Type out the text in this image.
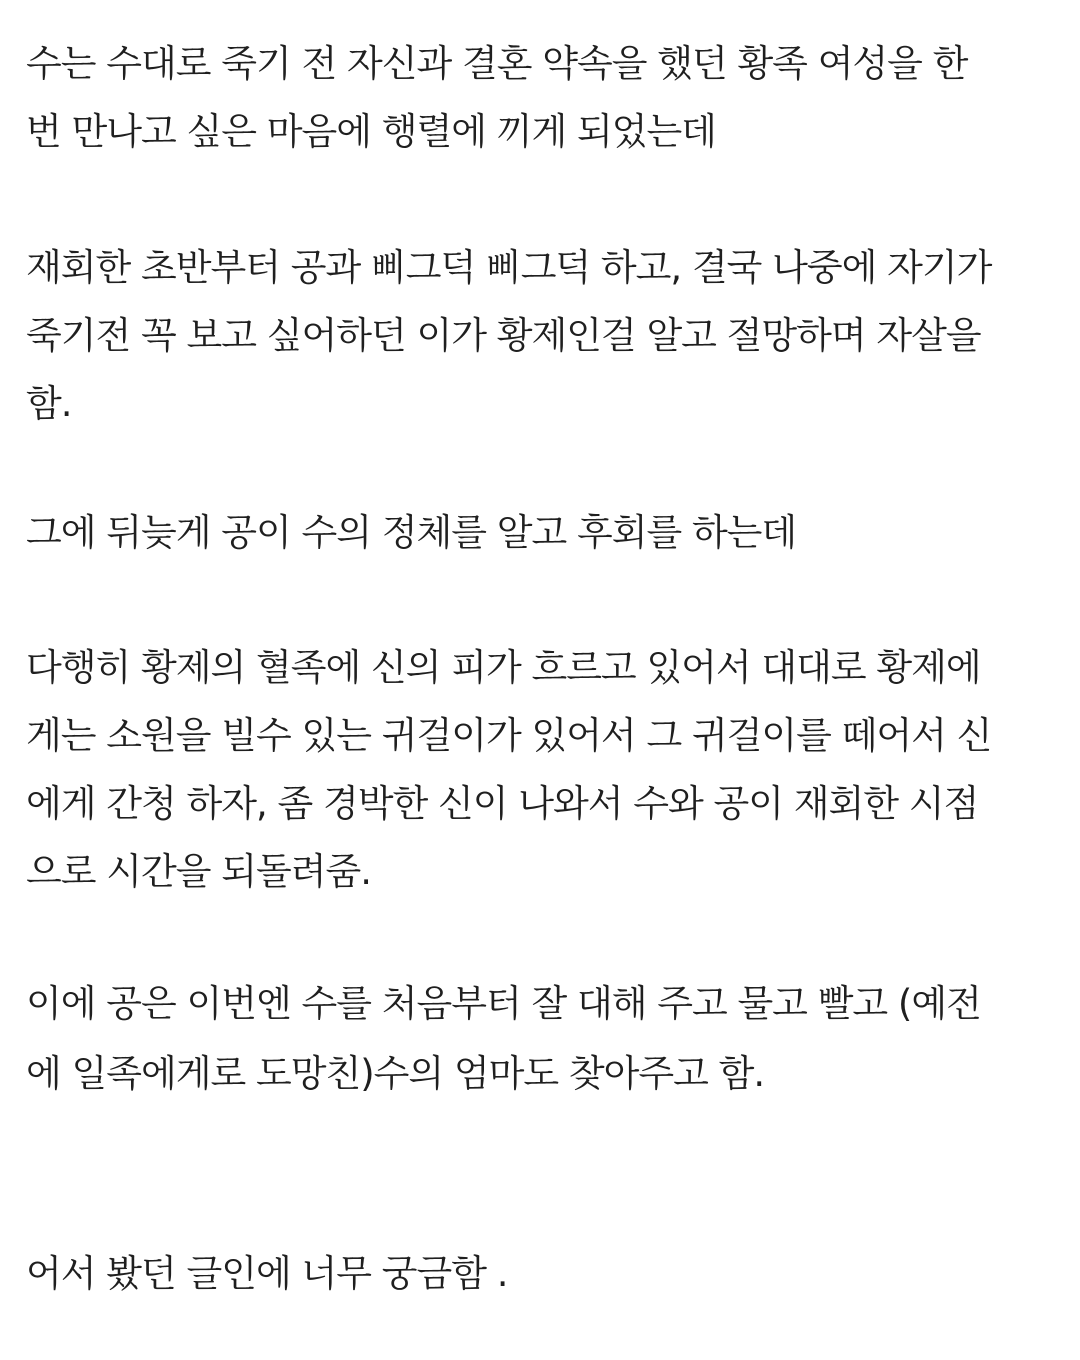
수는 수대로 죽기 전 자신과 결혼 약속을 했던 황족 여성을 한
번 만나고 싶은 마음에 행렬에 끼게 되었는데
재회한 초반부터 공과 삐그덕 삐그덕 하고, 결국 나중에 자기가
죽기전 꼭 보고 싶어하던 이가 황제인걸 알고 절망하며 자살을
함.
그에 뒤늦게 공이 수의 정체를 알고 후회를 하는데
다행히 황제의 혈족에 신의 피가 흐르고 있어서 대대로 황제에
게는 소원을 빌수 있는 귀걸이가 있어서 그 귀걸이를 떼어서 신
에게 간청 하자, 좀 경박한 신이 나와서 수와 공이 재회한 시점
으로 시간을 되돌려줌.
이에 공은 이번엔 수를 처음부터 잘 대해 주고 물고 빨고 (예전
에 일족에게로 도망친)수의 엄마도 찾아주고 함.
어서 봤던 글인에 너무 궁금함 .
